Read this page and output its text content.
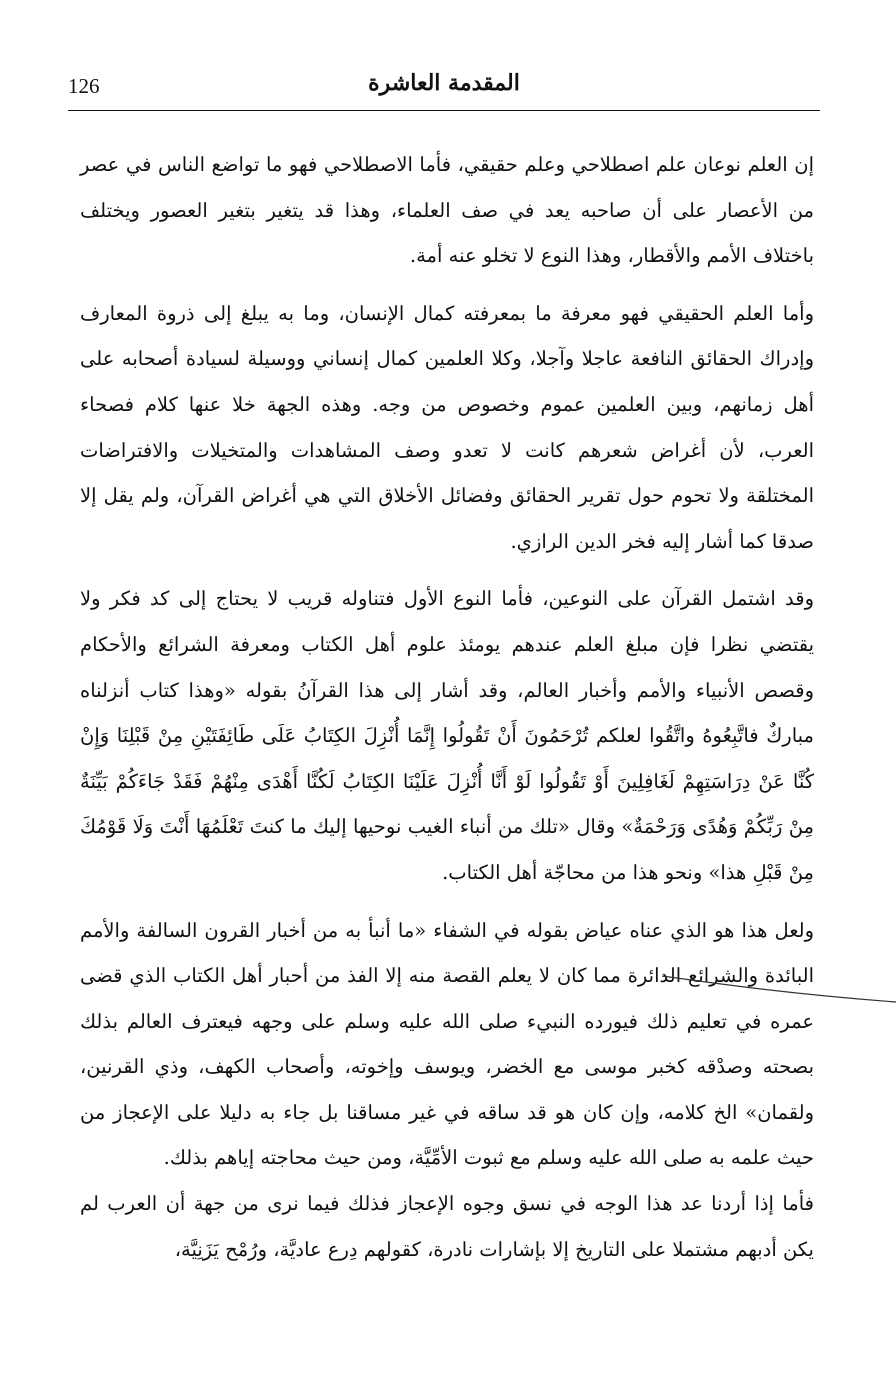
126	المقدمة العاشرة

إن العلم نوعان علم اصطلاحي وعلم حقيقي، فأما الاصطلاحي فهو ما تواضع الناس في عصر من الأعصار على أن صاحبه يعد في صف العلماء، وهذا قد يتغير بتغير العصور ويختلف باختلاف الأمم والأقطار، وهذا النوع لا تخلو عنه أمة.

وأما العلم الحقيقي فهو معرفة ما بمعرفته كمال الإنسان، وما به يبلغ إلى ذروة المعارف وإدراك الحقائق النافعة عاجلا وآجلا، وكلا العلمين كمال إنساني ووسيلة لسيادة أصحابه على أهل زمانهم، وبين العلمين عموم وخصوص من وجه. وهذه الجهة خلا عنها كلام فصحاء العرب، لأن أغراض شعرهم كانت لا تعدو وصف المشاهدات والمتخيلات والافتراضات المختلقة ولا تحوم حول تقرير الحقائق وفضائل الأخلاق التي هي أغراض القرآن، ولم يقل إلا صدقا كما أشار إليه فخر الدين الرازي.

وقد اشتمل القرآن على النوعين، فأما النوع الأول فتناوله قريب لا يحتاج إلى كد فكر ولا يقتضي نظرا فإن مبلغ العلم عندهم يومئذ علوم أهل الكتاب ومعرفة الشرائع والأحكام وقصص الأنبياء والأمم وأخبار العالم، وقد أشار إلى هذا القرآنُ بقوله «وهذا كتاب أنزلناه مباركٌ فاتَّبِعُوهُ واتَّقُوا لعلكم تُرْحَمُونَ أَنْ تَقُولُوا إِنَّمَا أُنْزِلَ الكِتَابُ عَلَى طَائِفَتَيْنِ مِنْ قَبْلِنَا وَإِنْ كُنَّا عَنْ دِرَاسَتِهِمْ لَغَافِلِينَ أَوْ تَقُولُوا لَوْ أَنَّا أُنْزِلَ عَلَيْنَا الكِتَابُ لَكُنَّا أَهْدَى مِنْهُمْ فَقَدْ جَاءَكُمْ بَيِّنَةٌ مِنْ رَبِّكُمْ وَهُدًى وَرَحْمَةٌ» وقال «تلك من أنباء الغيب نوحيها إليك ما كنتَ تَعْلَمُهَا أَنْتَ وَلَا قَوْمُكَ مِنْ قَبْلِ هذا» ونحو هذا من محاجّة أهل الكتاب.

ولعل هذا هو الذي عناه عياض بقوله في الشفاء «ما أنبأ به من أخبار القرون السالفة والأمم البائدة والشرائع الدائرة مما كان لا يعلم القصة منه إلا الفذ من أحبار أهل الكتاب الذي قضى عمره في تعليم ذلك فيورده النبيء صلى الله عليه وسلم على وجهه فيعترف العالم بذلك بصحته وصدْقه كخبر موسى مع الخضر، ويوسف وإخوته، وأصحاب الكهف، وذي القرنين، ولقمان» الخ كلامه، وإن كان هو قد ساقه في غير مساقنا بل جاء به دليلا على الإعجاز من حيث علمه به صلى الله عليه وسلم مع ثبوت الأمِّيَّة، ومن حيث محاجته إياهم بذلك.

فأما إذا أردنا عد هذا الوجه في نسق وجوه الإعجاز فذلك فيما نرى من جهة أن العرب لم يكن أدبهم مشتملا على التاريخ إلا بإشارات نادرة، كقولهم دِرع عاديَّة، ورُمْح يَزَنِيَّة،
